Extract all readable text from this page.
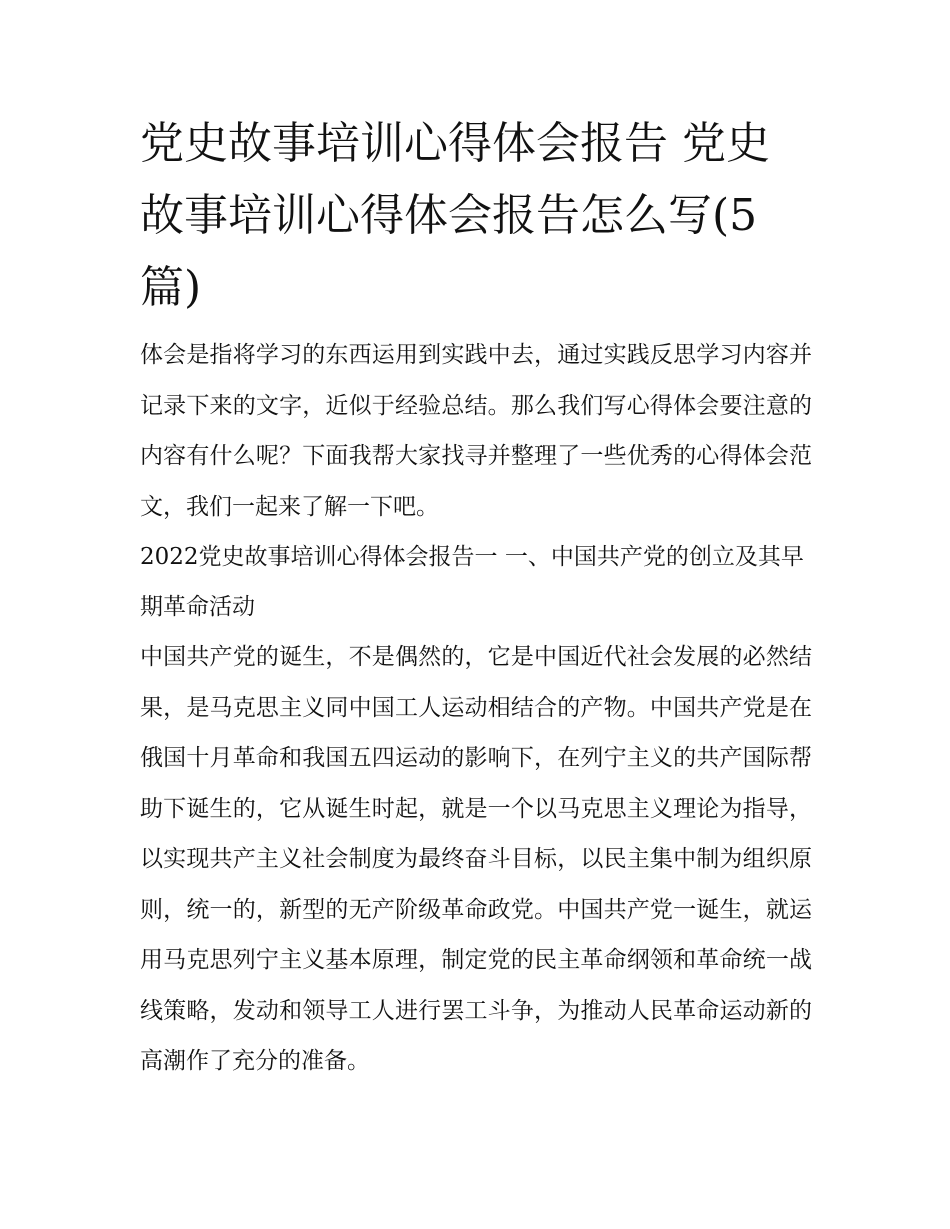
党史故事培训心得体会报告 党史故事培训心得体会报告怎么写(5篇)

体会是指将学习的东西运用到实践中去，通过实践反思学习内容并记录下来的文字，近似于经验总结。那么我们写心得体会要注意的内容有什么呢？下面我帮大家找寻并整理了一些优秀的心得体会范文，我们一起来了解一下吧。

2022党史故事培训心得体会报告一 一、中国共产党的创立及其早期革命活动

中国共产党的诞生，不是偶然的，它是中国近代社会发展的必然结果，是马克思主义同中国工人运动相结合的产物。中国共产党是在俄国十月革命和我国五四运动的影响下，在列宁主义的共产国际帮助下诞生的，它从诞生时起，就是一个以马克思主义理论为指导，以实现共产主义社会制度为最终奋斗目标，以民主集中制为组织原则，统一的，新型的无产阶级革命政党。中国共产党一诞生，就运用马克思列宁主义基本原理，制定党的民主革命纲领和革命统一战线策略，发动和领导工人进行罢工斗争，为推动人民革命运动新的高潮作了充分的准备。
